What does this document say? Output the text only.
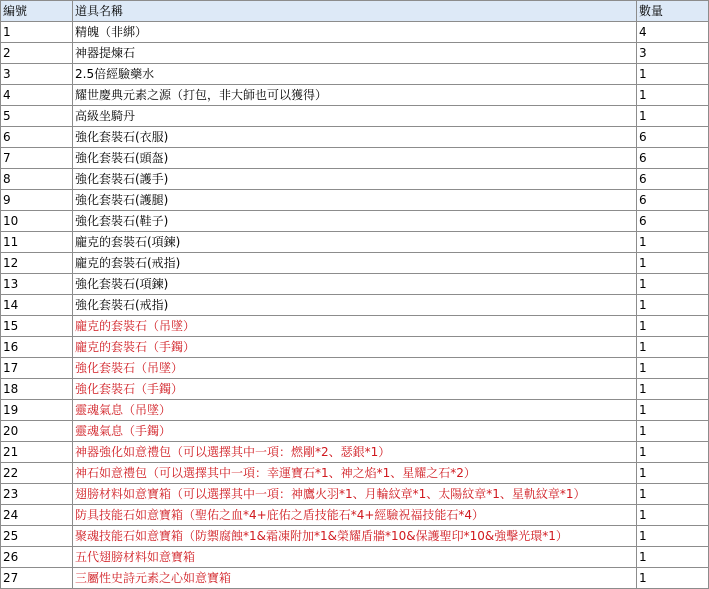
編號	道具名稱	數量
1	精魄（非綁）	4
2	神器提煉石	3
3	2.5倍經驗藥水	1
4	耀世慶典元素之源（打包，非大師也可以獲得）	1
5	高級坐騎丹	1
6	強化套裝石(衣服)	6
7	強化套裝石(頭盔)	6
8	強化套裝石(護手)	6
9	強化套裝石(護腿)	6
10	強化套裝石(鞋子)	6
11	龐克的套裝石(項鍊)	1
12	龐克的套裝石(戒指)	1
13	強化套裝石(項鍊)	1
14	強化套裝石(戒指)	1
15	龐克的套裝石（吊墜）	1
16	龐克的套裝石（手鐲）	1
17	強化套裝石（吊墜）	1
18	強化套裝石（手鐲）	1
19	靈魂氣息（吊墜）	1
20	靈魂氣息（手鐲）	1
21	神器強化如意禮包（可以選擇其中一項：燃剛*2、瑟銀*1）	1
22	神石如意禮包（可以選擇其中一項：幸運寶石*1、神之焰*1、星耀之石*2）	1
23	翅膀材料如意寶箱（可以選擇其中一項：神鷹火羽*1、月輪紋章*1、太陽紋章*1、星軌紋章*1）	1
24	防具技能石如意寶箱（聖佑之血*4+庇佑之盾技能石*4+經驗祝福技能石*4）	1
25	聚魂技能石如意寶箱（防禦腐蝕*1&霜凍附加*1&榮耀盾牆*10&保護聖印*10&強擊光環*1）	1
26	五代翅膀材料如意寶箱	1
27	三屬性史詩元素之心如意寶箱	1
